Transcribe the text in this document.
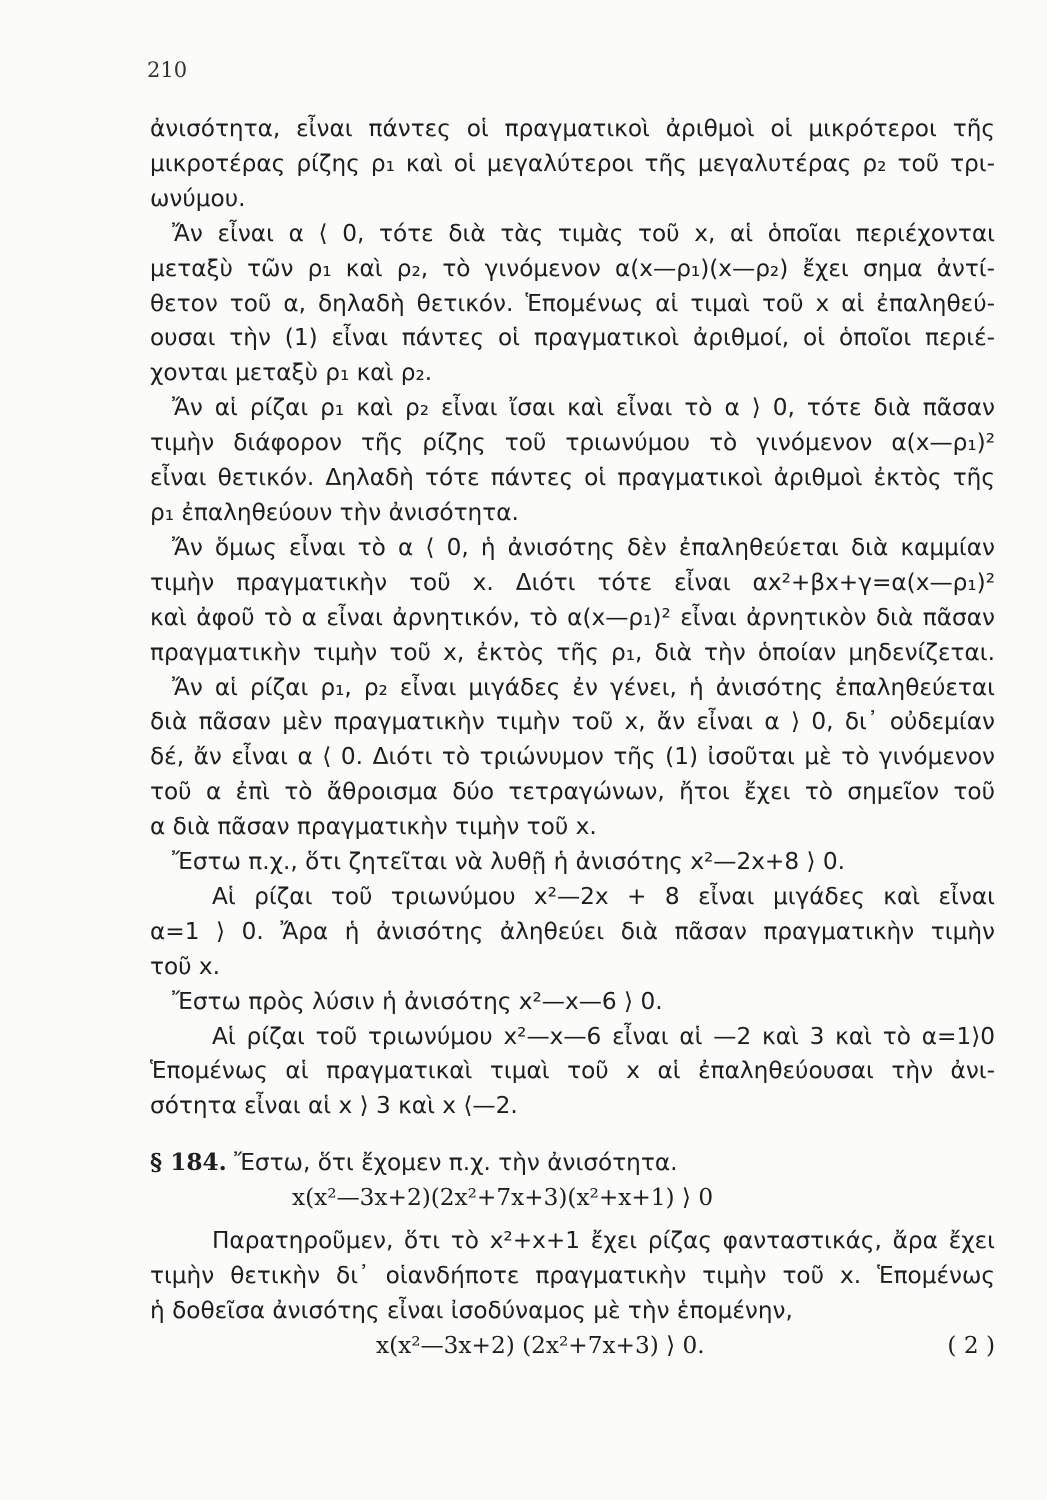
210
ἀνισότητα, εἶναι πάντες οἱ πραγματικοὶ ἀριθμοὶ οἱ μικρότεροι τῆς
μικροτέρας ρίζης ρ₁ καὶ οἱ μεγαλύτεροι τῆς μεγαλυτέρας ρ₂ τοῦ τρι-
ωνύμου.
Ἄν εἶναι α ⟨ 0, τότε διὰ τὰς τιμὰς τοῦ x, αἱ ὁποῖαι περιέχονται
μεταξὺ τῶν ρ₁ καὶ ρ₂, τὸ γινόμενον α(x—ρ₁)(x—ρ₂) ἔχει σημα ἀντί-
θετον τοῦ α, δηλαδὴ θετικόν. Ἑπομένως αἱ τιμαὶ τοῦ x αἱ ἐπαληθεύ-
ουσαι τὴν (1) εἶναι πάντες οἱ πραγματικοὶ ἀριθμοί, οἱ ὁποῖοι περιέ-
χονται μεταξὺ ρ₁ καὶ ρ₂.
Ἄν αἱ ρίζαι ρ₁ καὶ ρ₂ εἶναι ἴσαι καὶ εἶναι τὸ α ⟩ 0, τότε διὰ πᾶσαν
τιμὴν διάφορον τῆς ρίζης τοῦ τριωνύμου τὸ γινόμενον α(x—ρ₁)²
εἶναι θετικόν. Δηλαδὴ τότε πάντες οἱ πραγματικοὶ ἀριθμοὶ ἐκτὸς τῆς
ρ₁ ἐπαληθεύουν τὴν ἀνισότητα.
Ἄν ὅμως εἶναι τὸ α ⟨ 0, ἡ ἀνισότης δὲν ἐπαληθεύεται διὰ καμμίαν
τιμὴν πραγματικὴν τοῦ x. Διότι τότε εἶναι αx²+βx+γ=α(x—ρ₁)²
καὶ ἀφοῦ τὸ α εἶναι ἀρνητικόν, τὸ α(x—ρ₁)² εἶναι ἀρνητικὸν διὰ πᾶσαν
πραγματικὴν τιμὴν τοῦ x, ἐκτὸς τῆς ρ₁, διὰ τὴν ὁποίαν μηδενίζεται.
Ἄν αἱ ρίζαι ρ₁, ρ₂ εἶναι μιγάδες ἐν γένει, ἡ ἀνισότης ἐπαληθεύεται
διὰ πᾶσαν μὲν πραγματικὴν τιμὴν τοῦ x, ἄν εἶναι α ⟩ 0, δι᾽ οὐδεμίαν
δέ, ἄν εἶναι α ⟨ 0. Διότι τὸ τριώνυμον τῆς (1) ἰσοῦται μὲ τὸ γινόμενον
τοῦ α ἐπὶ τὸ ἄθροισμα δύο τετραγώνων, ἤτοι ἔχει τὸ σημεῖον τοῦ
α διὰ πᾶσαν πραγματικὴν τιμὴν τοῦ x.
Ἔστω π.χ., ὅτι ζητεῖται νὰ λυθῇ ἡ ἀνισότης x²—2x+8 ⟩ 0.
Αἱ ρίζαι τοῦ τριωνύμου x²—2x + 8 εἶναι μιγάδες καὶ εἶναι
α=1 ⟩ 0. Ἄρα ἡ ἀνισότης ἀληθεύει διὰ πᾶσαν πραγματικὴν τιμὴν
τοῦ x.
Ἔστω πρὸς λύσιν ἡ ἀνισότης x²—x—6 ⟩ 0.
Αἱ ρίζαι τοῦ τριωνύμου x²—x—6 εἶναι αἱ —2 καὶ 3 καὶ τὸ α=1⟩0
Ἑπομένως αἱ πραγματικαὶ τιμαὶ τοῦ x αἱ ἐπαληθεύουσαι τὴν ἀνι-
σότητα εἶναι αἱ x ⟩ 3 καὶ x ⟨—2.
§ 184. Ἔστω, ὅτι ἔχομεν π.χ. τὴν ἀνισότητα.
x(x²—3x+2)(2x²+7x+3)(x²+x+1) ⟩ 0
Παρατηροῦμεν, ὅτι τὸ x²+x+1 ἔχει ρίζας φανταστικάς, ἄρα ἔχει
τιμὴν θετικὴν δι᾽ οἱανδήποτε πραγματικὴν τιμὴν τοῦ x. Ἑπομένως
ἡ δοθεῖσα ἀνισότης εἶναι ἰσοδύναμος μὲ τὴν ἑπομένην,
x(x²—3x+2) (2x²+7x+3) ⟩ 0.	( 2 )
